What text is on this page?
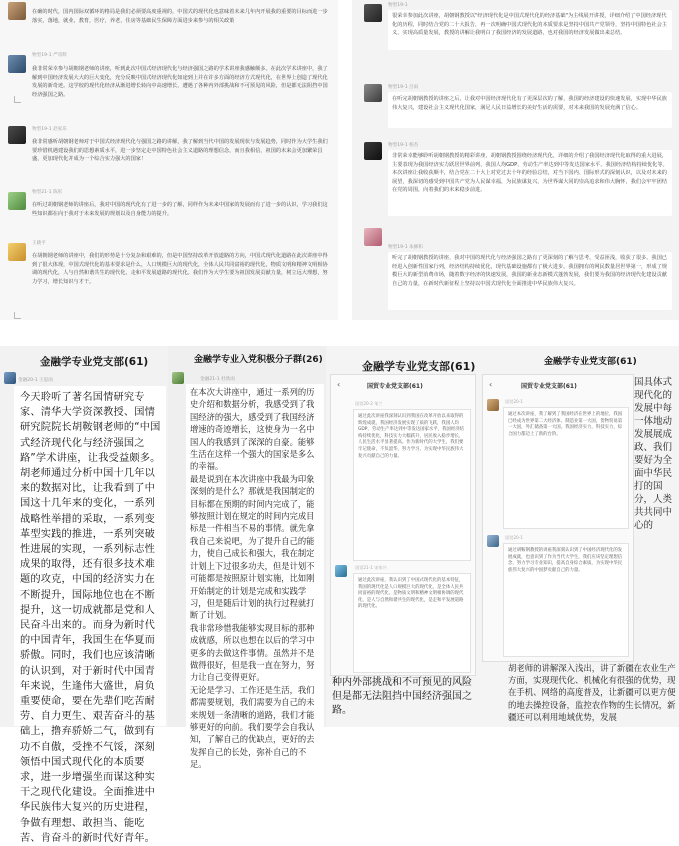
在确的时代，国内国际双循环的格局是我们必须要高度重视的，中国式的现代化也意味着未来几年内开展我的重要的目标而进一步落实，落地，就业，教育，医疗，养老，住房等基础民生保障方面进步来参与的相关政策
物型19-1 严哥辉
我非常荣幸参与胡朝钢老师的讲座，听到此次中国式经济现代化与经济强国之路的学术讲座我感触颇多。在此次学术讲座中，我了解到中国经济发展大大的巨大变化，充分反映中国式经济现代化如途到上并在许多方面的经济方式现代化，在世界上创造了现代化发展的新奇迹。这学校的现代化经济从渐进增长转向中高速增长，遭遇了各种内外部挑战和不可预见的风险，但是都无法阻挡中国经济强国之路。
物型19-1 赵家乐
我非常感听胡朝钢老师对于中国式经济现代化与强国之路的讲解，我了解到当代中国的发展现状与发展趋势，同时作为大学生我们要珍惜机遇建设我们的思想素质水平，进一步坚定走中国特色社会主义道路的理想信念，而且我相信，祖国的未来会更加繁荣昌盛，更加现代化并成为一个综合实力强大的国家！
物型21-1 陈彤
在听过胡朝钢老师的讲座后，我对中国的现代化有了进一步的了解，同样作为未来中国家的发展而有了进一步的认识，学习我们这些知识都在向于我对于未来发展的规划以及自身能力的提升。
王晓平
在胡朝钢老师的讲座中，我们的形势是十分复杂和艰难的，但是中国坚持改革开放道路的方向，中国式现代化道路在此次讲座中得到了很大体现，中国式现代化的基本要求是什么，人口规模巨大的现代化，全体人民共同富裕的现代化，物质文明和精神文明相协调的现代化，人与自然和谐共生的现代化，走和平发展道路的现代化。我们作为大学生要为祖国发展贡献力量，树立远大理想，努力学习，增长知识与才干。
物型19-1
很荣幸参加此次讲座，胡朝钢教授以"经济现代化是中国式现代化的经济基础"为主线展开讲授，详细介绍了中国经济现代化的历程，同时结合党的二十大报告，再一次明确中国式现代化的本质要求是坚持中国共产党领导，坚持中国特色社会主义，实现高质量发展，教授的讲解让我明白了我国经济的发展道路，也对我国的经济发展做出来总结。
物型19-1 吕雨
在听完胡朝钢教授的讲座之后，让我对中国经济现代化有了更深层次的了解，我国的经济建设的快速发展，实现中华民族伟大复兴，建设社会主义现代化国家，满足人民日益增长的美好生活的需要，对未来我国的发展充满了信心。
物型19-1 杨杰
非常荣幸能够聆听胡朝钢教授的精彩讲座，胡朝钢教授围绕经济现代化，详细的介绍了我国经济现代化取得的重大进展，主要表现为我国经济实力跃居世界前列，我国人均GDP，劳动生产率达到中等发达国家水平，我国经济结构持续优化等。本次讲座让我收获颇丰，结合党在二十大上对党过去十年的经验总结，对当下国内、国际形式的深刻认识，以及对未来的展望，我深切的感受到中国共产党为人民谋幸福，为民族谋复兴，为世界谋大同的崇高追求和伟大胸怀，我们会牢牢团结在党的周围，向着我们的未来稳步前进。
物型19-1 朱修和
听完了胡朝钢教授的讲座，我对中国的现代化与经济强国之路有了更深刻的了解与思考，受益匪浅，收获了很多。我国已经进入创新性国家行列，经济结构持续优化，现代基础设施都有了极大进步。我国拥有的网民数量居世界第一，形成了规模巨大的新型消费市场，随着数字经济的快速发展，我国的新业态新模式蓬勃发展，我们要为我国的经济现代化建设贡献自己的力量，在新时代新征程上坚持以中国式现代化全面推进中华民族伟大复兴。
金融学专业党支部(61)
金融20-1 王思雨
今天聆听了著名国情研究专家、清华大学资深教授、国情研究院院长胡鞍钢老师的“中国式经济现代化与经济强国之路”学术讲座，让我受益颇多。胡老师通过分析中国十几年以来的数据对比，让我看到了中国这十几年来的变化，一系列战略性举措的采取，一系列变革型实践的推进，一系列突破性进展的实现，一系列标志性成果的取得，还有很多技术难题的攻克，中国的经济实力在不断提升，国际地位也在不断提升，这一切成就都是党和人民奋斗出来的。而身为新时代的中国青年，我国生在华夏而骄傲。同时，我们也应该清晰的认识到，对于新时代中国青年来说，生逢伟大盛世，肩负重要使命，要在先辈们吃苦耐劳、自力更生、艰苦奋斗的基础上，撸弃骄娇二气，做到有功不自傲，受挫不气馁，深刻领悟中国式现代化的本质要求，进一步增强坐而谋这种实干之现代化建设。全面推进中华民族伟大复兴的历史进程，争做有理想、敢担当、能吃苦、肯奋斗的新时代好青年。
金融学专业入党积极分子群(26)
金融21-1 杜欣雨
在本次大讲座中，通过一系列的历史介绍和数据分析，我感受到了我国经济的强大，感受到了我国经济增速的奇迹增长，这使身为一名中国人的我感到了深深的自豪。能够生活在这样一个强大的国家是多么的幸福。
最是说到在本次讲座中我最为印象深刻的是什么？那就是我国制定的目标都在预期的时间内完成了，能够按照计划在规定的时间内完成目标是一件相当不易的事情。就先拿我自己来说吧，为了提升自己的能力，使自己成长和强大，我在制定计划上下过很多功夫，但是计划不可能都是按照原计划实施，比如刚开始制定的计划是完成和实践学习，但是随后计划的执行过程就打断了计划。
我非常珍惜我能够实现目标的那种成就感，所以也想在以后的学习中更多的去做这件事情。虽然并不是做得很好，但是我一直在努力，努力让自己变得更好。
无论是学习、工作还是生活，我们都需要规划，我们需要为自己的未来规划一条清晰的道路，我们才能够更好的向前。我们要学会自我认知，了解自己的优缺点，更好的去发挥自己的长处，弥补自己的不足。
金融学专业党支部(61)
金融学专业党支部(61)
国贸专业党支部(61)
‹
国贸20-2 邹兰
通过此次讲座我深刻认识到我国在改革开放以来取得的辉煌成就，我国经济发展实现了质的飞跃，我国人均GDP，劳动生产率达到中等发达国家水平，我国经济结构持续优化，科技实力大幅跃升，居民收入稳步增长，人民生活水平显著提高。作为新时代的大学生，我们要牢记使命，不负韶华，努力学习，为实现中华民族伟大复兴贡献自己的力量。
国贸21-1 宋家兴
通过此次讲座，我认识到了中国式现代化的基本特征，我国的现代化是人口规模巨大的现代化，是全体人民共同富裕的现代化，是物质文明和精神文明相协调的现代化，是人与自然和谐共生的现代化，是走和平发展道路的现代化。
种内外部挑战和不可预见的风险但是都无法阻挡中国经济强国之路。
国贸专业党支部(61)
‹
国贸20-1
通过本次讲座，我了解到了我国经济在世界上的地位，我国已经成为世界第二大经济体，制造业第一大国，货物贸易第一大国，外汇储备第一大国。我国经济实力，科技实力，综合国力都迈上了新的台阶。
国贸20-1
通过胡鞍钢教授的讲座我深刻认识到了中国经济现代化的发展成就，也意识到了作为当代大学生，我们应该坚定理想信念，努力学习专业知识，提高自身综合素质，为实现中华民族伟大复兴的中国梦贡献自己的力量。
国具体式现代化的发展中每一体地动发展展成政、我们要好为全面中华民打的国分，人类共共同中心的
胡老师的讲解深入浅出，讲了新疆在农业生产方面，实现现代化、机械化有很强的优势，现在手机、网络的高度普及，让新疆可以更方便的地去操控设备，监控农作物的生长情况，新疆还可以利用地域优势，发展
